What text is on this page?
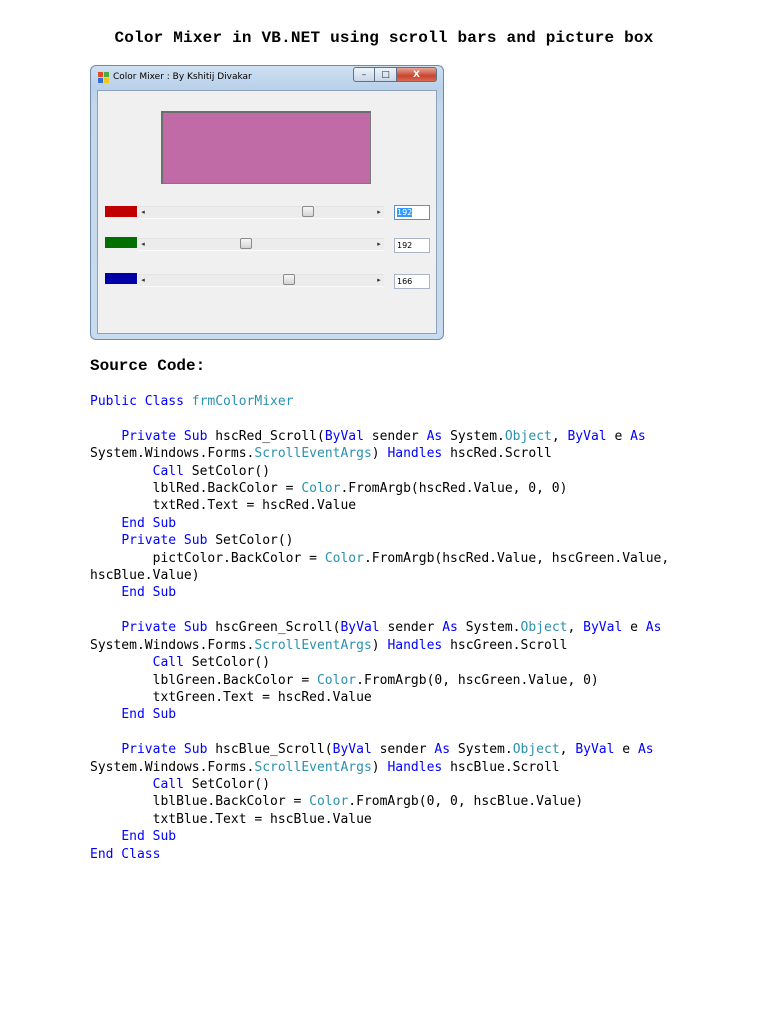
Color Mixer in VB.NET using scroll bars and picture box
Color Mixer : By Kshitij Divakar	– □	X
◂	▸	192
◂	▸	192
◂	▸	166
Source Code:
Public Class frmColorMixer

Private Sub hscRed_Scroll(ByVal sender As System.Object, ByVal e As
System.Windows.Forms.ScrollEventArgs) Handles hscRed.Scroll
Call SetColor()
lblRed.BackColor = Color.FromArgb(hscRed.Value, 0, 0)
txtRed.Text = hscRed.Value
End Sub
Private Sub SetColor()
pictColor.BackColor = Color.FromArgb(hscRed.Value, hscGreen.Value,
hscBlue.Value)
End Sub

Private Sub hscGreen_Scroll(ByVal sender As System.Object, ByVal e As
System.Windows.Forms.ScrollEventArgs) Handles hscGreen.Scroll
Call SetColor()
lblGreen.BackColor = Color.FromArgb(0, hscGreen.Value, 0)
txtGreen.Text = hscRed.Value
End Sub

Private Sub hscBlue_Scroll(ByVal sender As System.Object, ByVal e As
System.Windows.Forms.ScrollEventArgs) Handles hscBlue.Scroll
Call SetColor()
lblBlue.BackColor = Color.FromArgb(0, 0, hscBlue.Value)
txtBlue.Text = hscBlue.Value
End Sub
End Class
